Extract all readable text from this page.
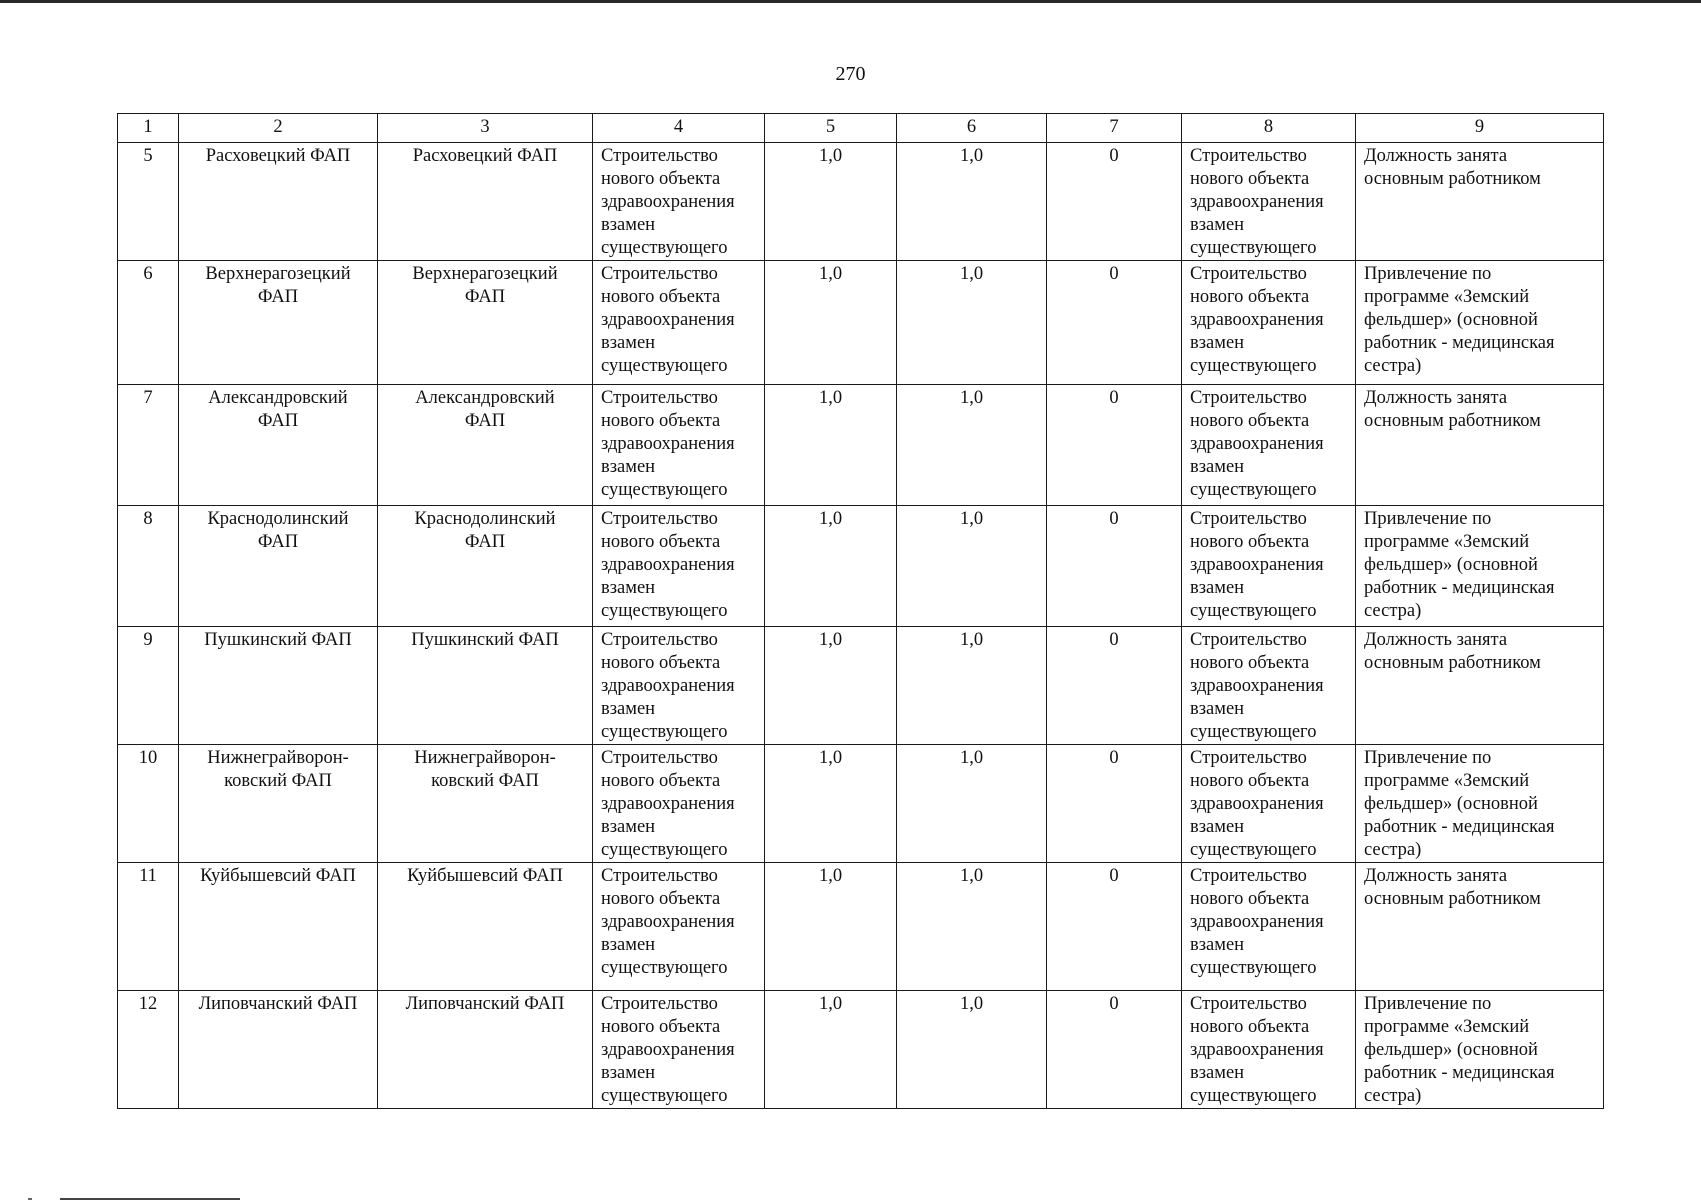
270
1	2	3	4	5	6	7	8	9

5	Расховецкий ФАП	Расховецкий ФАП	Строительство
нового объекта
здравоохранения
взамен
существующего	1,0	1,0	0	Строительство
нового объекта
здравоохранения
взамен
существующего	Должность занята
основным работником

6	Верхнерагозецкий
ФАП	Верхнерагозецкий
ФАП	Строительство
нового объекта
здравоохранения
взамен
существующего	1,0	1,0	0	Строительство
нового объекта
здравоохранения
взамен
существующего	Привлечение по
программе «Земский
фельдшер» (основной
работник - медицинская
сестра)

7	Александровский
ФАП	Александровский
ФАП	Строительство
нового объекта
здравоохранения
взамен
существующего	1,0	1,0	0	Строительство
нового объекта
здравоохранения
взамен
существующего	Должность занята
основным работником

8	Краснодолинский
ФАП	Краснодолинский
ФАП	Строительство
нового объекта
здравоохранения
взамен
существующего	1,0	1,0	0	Строительство
нового объекта
здравоохранения
взамен
существующего	Привлечение по
программе «Земский
фельдшер» (основной
работник - медицинская
сестра)

9	Пушкинский ФАП	Пушкинский ФАП	Строительство
нового объекта
здравоохранения
взамен
существующего	1,0	1,0	0	Строительство
нового объекта
здравоохранения
взамен
существующего	Должность занята
основным работником

10	Нижнеграйворон-
ковский ФАП	Нижнеграйворон-
ковский ФАП	Строительство
нового объекта
здравоохранения
взамен
существующего	1,0	1,0	0	Строительство
нового объекта
здравоохранения
взамен
существующего	Привлечение по
программе «Земский
фельдшер» (основной
работник - медицинская
сестра)

11	Куйбышевсий ФАП	Куйбышевсий ФАП	Строительство
нового объекта
здравоохранения
взамен
существующего	1,0	1,0	0	Строительство
нового объекта
здравоохранения
взамен
существующего	Должность занята
основным работником

12	Липовчанский ФАП	Липовчанский ФАП	Строительство
нового объекта
здравоохранения
взамен
существующего	1,0	1,0	0	Строительство
нового объекта
здравоохранения
взамен
существующего	Привлечение по
программе «Земский
фельдшер» (основной
работник - медицинская
сестра)
